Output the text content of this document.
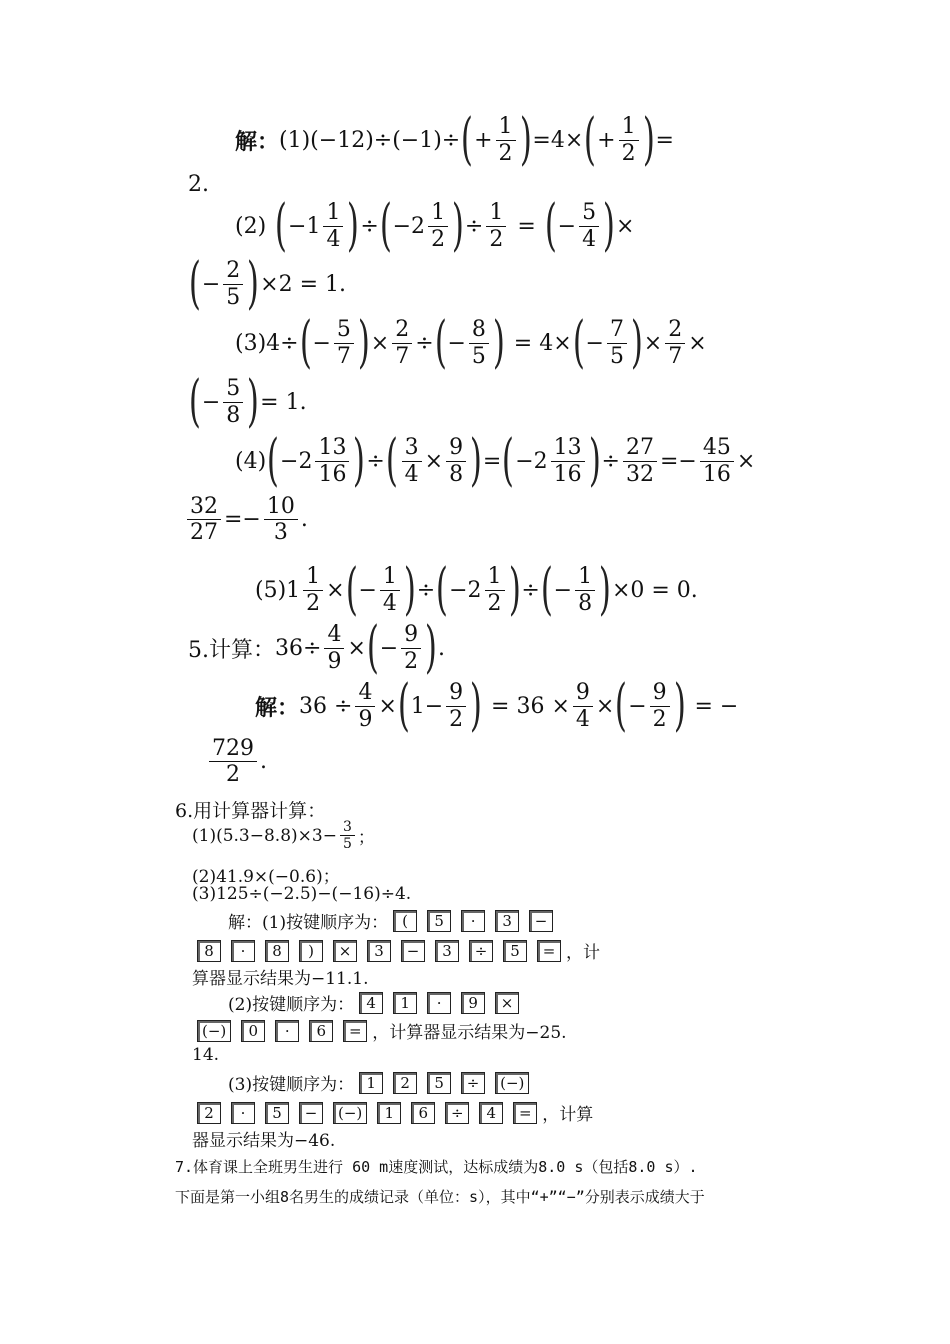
解： (1)(−12)÷(−1)÷ ( + $\frac{1}{2}$ ) =4× ( + $\frac{1}{2}$ ) =
2.
(2) ( $-1 \frac{1}{4}$ ) ÷ ( $-2 \frac{1}{2}$ ) ÷ $\frac{1}{2}$ = ( − $\frac{5}{4}$ ) ×
( − $\frac{2}{5}$ ) ×2 = 1.
(3)4÷ ( − $\frac{5}{7}$ ) × $\frac{2}{7}$ ÷ ( − $\frac{8}{5}$ ) = 4× ( − $\frac{7}{5}$ ) × $\frac{2}{7}$ ×
( − $\frac{5}{8}$ ) = 1.
(4) ( $-2 \frac{13}{16}$ ) ÷ ( $\frac{3}{4} \times \frac{9}{8}$ ) = ( $-2 \frac{13}{16}$ ) ÷ $\frac{27}{32} =- \frac{45}{16}$ ×
$\frac{32}{27} =- \frac{10}{3}$ .
$(5)1 \frac{1}{2}$ × ( − $\frac{1}{4}$ ) ÷ ( $-2 \frac{1}{2}$ ) ÷ ( − $\frac{1}{8}$ ) ×0 = 0.
5.计算： $36\div \frac{4}{9}$ × ( − $\frac{9}{2}$ ) .
解： $36 \div \frac{4}{9}$ × ( $1- \frac{9}{2}$ ) = $36 \times \frac{9}{4}$ × ( − $\frac{9}{2}$ ) = −
$\frac{729}{2}$ .
6.用计算器计算：
$(1)(5.3-8.8)\times 3- \frac{3}{5}$ ；
(2)41.9×(−0.6)；
(3)125÷(−2.5)−(−16)÷4.
解：(1)按键顺序为： (	5	·	3	−
8	·	8	)	×	3	−	3	÷	5	= ，计
算器显示结果为−11.1.
(2)按键顺序为： 4	1	·	9	×
(−)	0	·	6	= ，计算器显示结果为−25.
14.
(3)按键顺序为： 1	2	5	÷	(−)
2	·	5	−	(−)	1	6	÷	4	= ，计算
器显示结果为−46.
7.体育课上全班男生进行 60 m速度测试，达标成绩为8.0 s（包括8.0 s）.
下面是第一小组8名男生的成绩记录（单位：s），其中“+”“−”分别表示成绩大于
